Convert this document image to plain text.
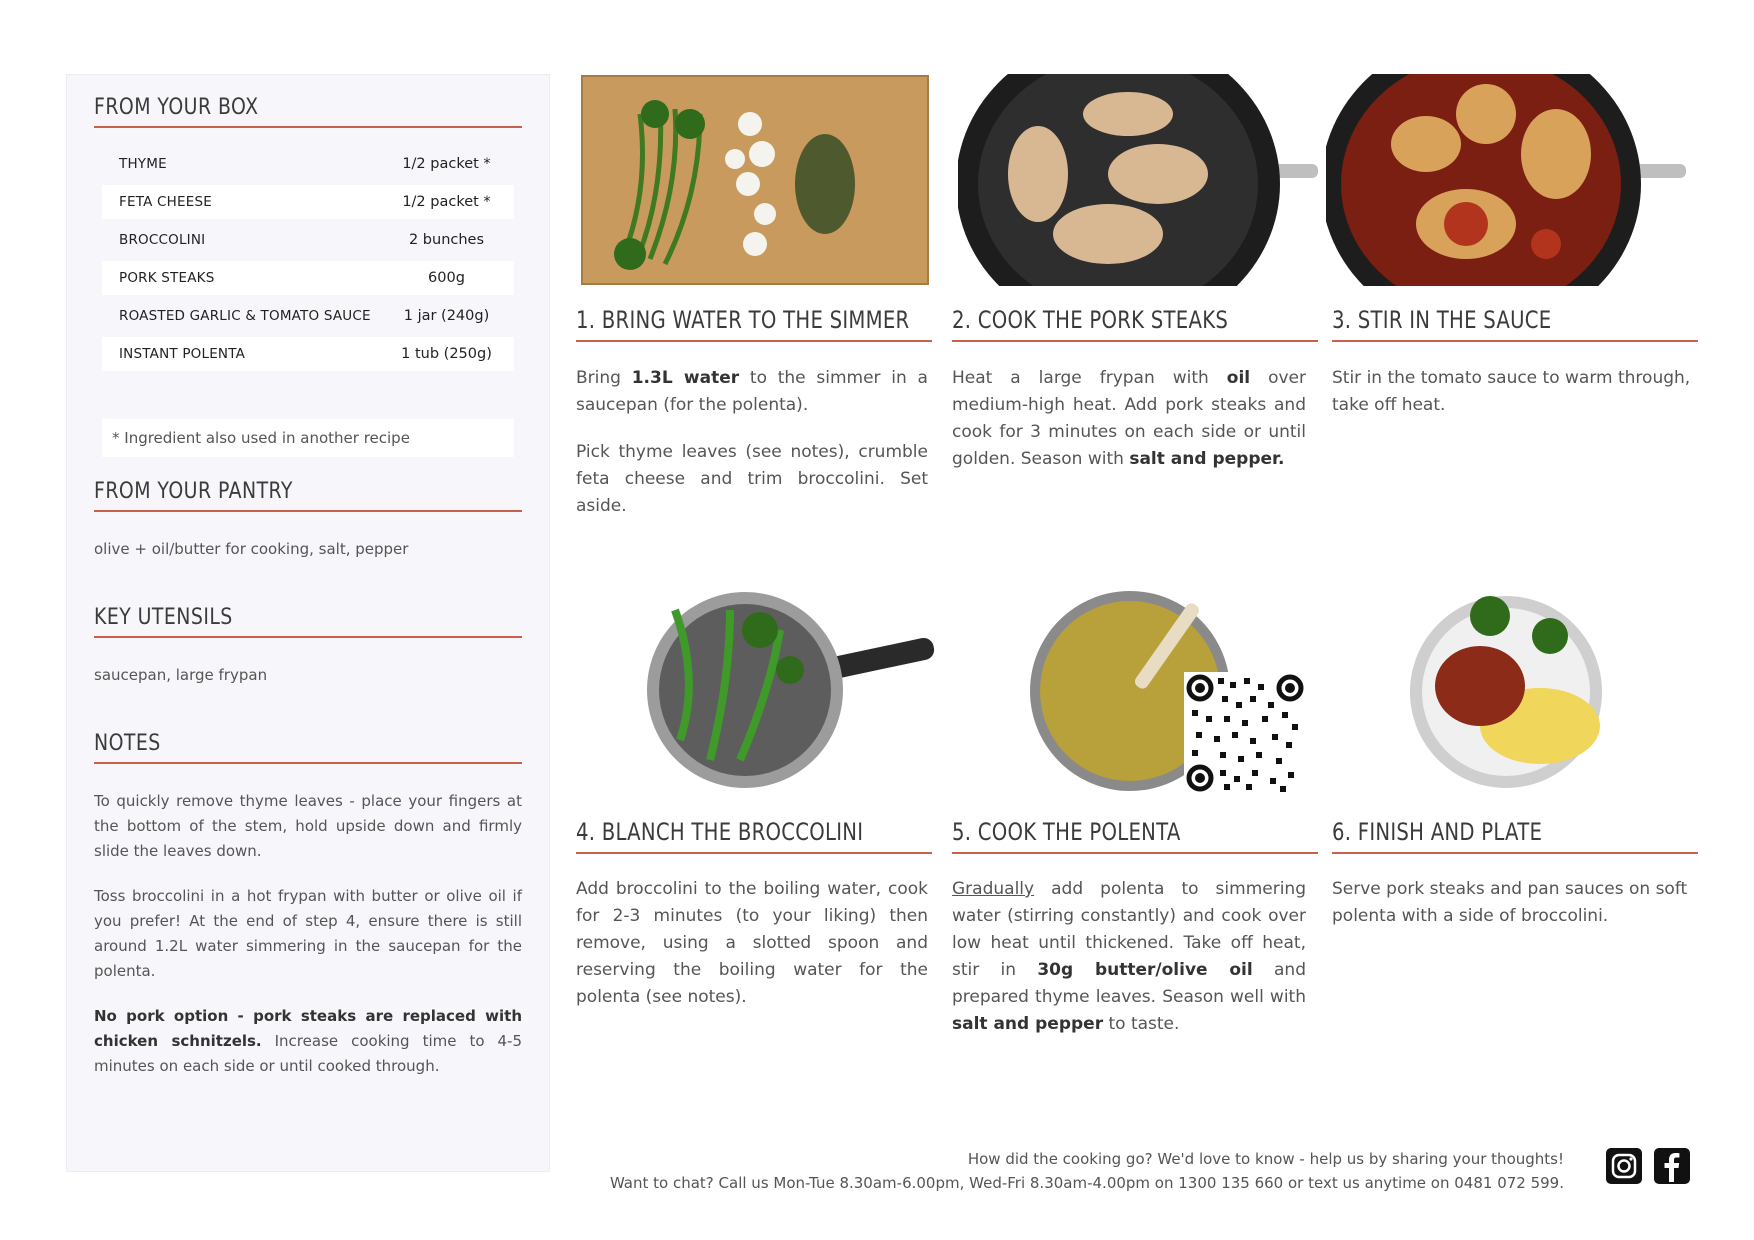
FROM YOUR BOX
THYME	1/2 packet *
FETA CHEESE	1/2 packet *
BROCCOLINI	2 bunches
PORK STEAKS	600g
ROASTED GARLIC & TOMATO SAUCE	1 jar (240g)
INSTANT POLENTA	1 tub (250g)
* Ingredient also used in another recipe
FROM YOUR PANTRY
olive + oil/butter for cooking, salt, pepper
KEY UTENSILS
saucepan, large frypan
NOTES

To quickly remove thyme leaves - place your fingers at the bottom of the stem, hold upside down and firmly slide the leaves down.

Toss broccolini in a hot frypan with butter or olive oil if you prefer! At the end of step 4, ensure there is still around 1.2L water simmering in the saucepan for the polenta.

No pork option - pork steaks are replaced with chicken schnitzels. Increase cooking time to 4-5 minutes on each side or until cooked through.

1. BRING WATER TO THE SIMMER	2. COOK THE PORK STEAKS	3. STIR IN THE SAUCE

Bring 1.3L water to the simmer in a saucepan (for the polenta).

Pick thyme leaves (see notes), crumble feta cheese and trim broccolini. Set aside.

Heat a large frypan with oil over medium-high heat. Add pork steaks and cook for 3 minutes on each side or until golden. Season with salt and pepper.

Stir in the tomato sauce to warm through, take off heat.
4. BLANCH THE BROCCOLINI	5. COOK THE POLENTA	6. FINISH AND PLATE
Add broccolini to the boiling water, cook for 2-3 minutes (to your liking) then remove, using a slotted spoon and reserving the boiling water for the polenta (see notes).
Gradually add polenta to simmering water (stirring constantly) and cook over low heat until thickened. Take off heat, stir in 30g butter/olive oil and prepared thyme leaves. Season well with salt and pepper to taste.
Serve pork steaks and pan sauces on soft polenta with a side of broccolini.
How did the cooking go? We'd love to know - help us by sharing your thoughts!
Want to chat? Call us Mon-Tue 8.30am-6.00pm, Wed-Fri 8.30am-4.00pm on 1300 135 660 or text us anytime on 0481 072 599.
